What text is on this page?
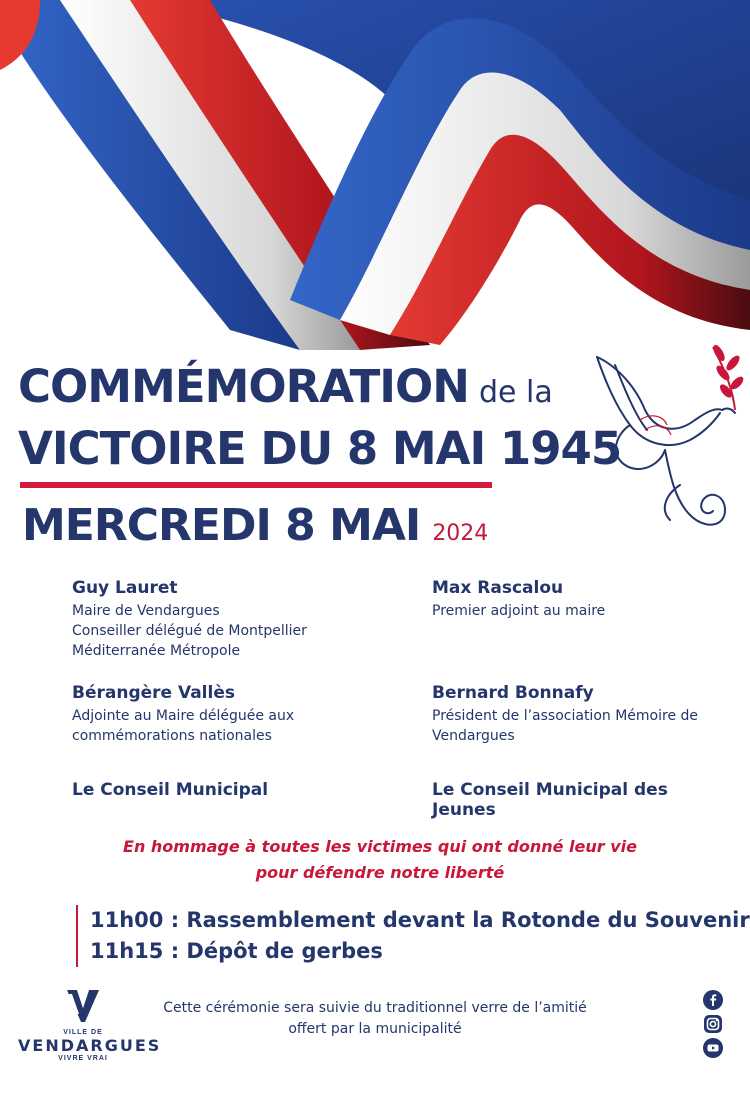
COMMÉMORATION de la
VICTOIRE DU 8 MAI 1945
MERCREDI 8 MAI 2024
Guy Lauret
Maire de Vendargues
Conseiller délégué de Montpellier
Méditerranée Métropole
Max Rascalou
Premier adjoint au maire
Bérangère Vallès
Adjointe au Maire déléguée aux
commémorations nationales
Bernard Bonnafy
Président de l’association Mémoire de
Vendargues
Le Conseil Municipal	Le Conseil Municipal des Jeunes
En hommage à toutes les victimes qui ont donné leur vie
pour défendre notre liberté
11h00 : Rassemblement devant la Rotonde du Souvenir
11h15 : Dépôt de gerbes
VILLE DE
VENDARGUES
VIVRE VRAI
Cette cérémonie sera suivie du traditionnel verre de l’amitié
offert par la municipalité
